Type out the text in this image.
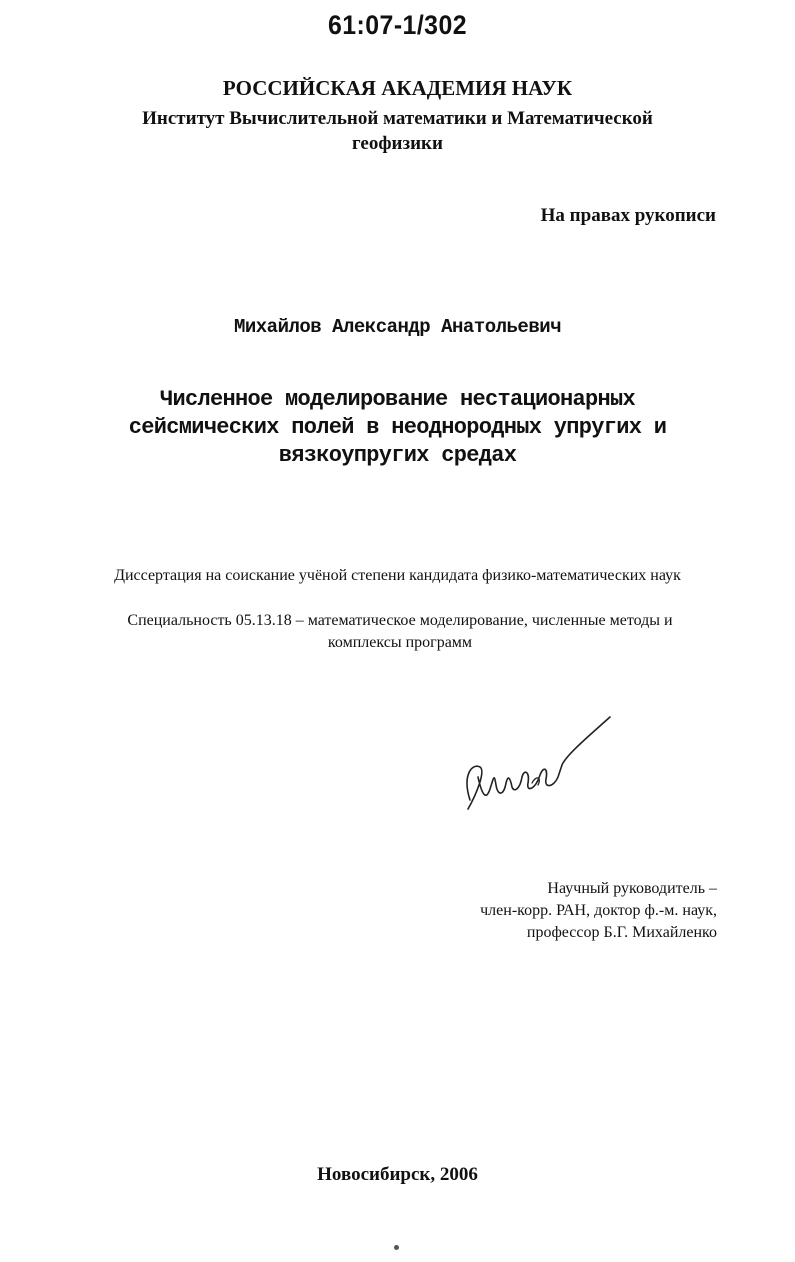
61:07-1/302
РОССИЙСКАЯ АКАДЕМИЯ НАУК
Институт Вычислительной математики и Математической геофизики
На правах рукописи
Михайлов Александр Анатольевич
Численное моделирование нестационарных сейсмических полей в неоднородных упругих и вязкоупругих средах
Диссертация на соискание учёной степени кандидата физико-математических наук
Специальность 05.13.18 – математическое моделирование, численные методы и комплексы программ
Научный руководитель –
член-корр. РАН, доктор ф.-м. наук,
профессор Б.Г. Михайленко
Новосибирск, 2006
